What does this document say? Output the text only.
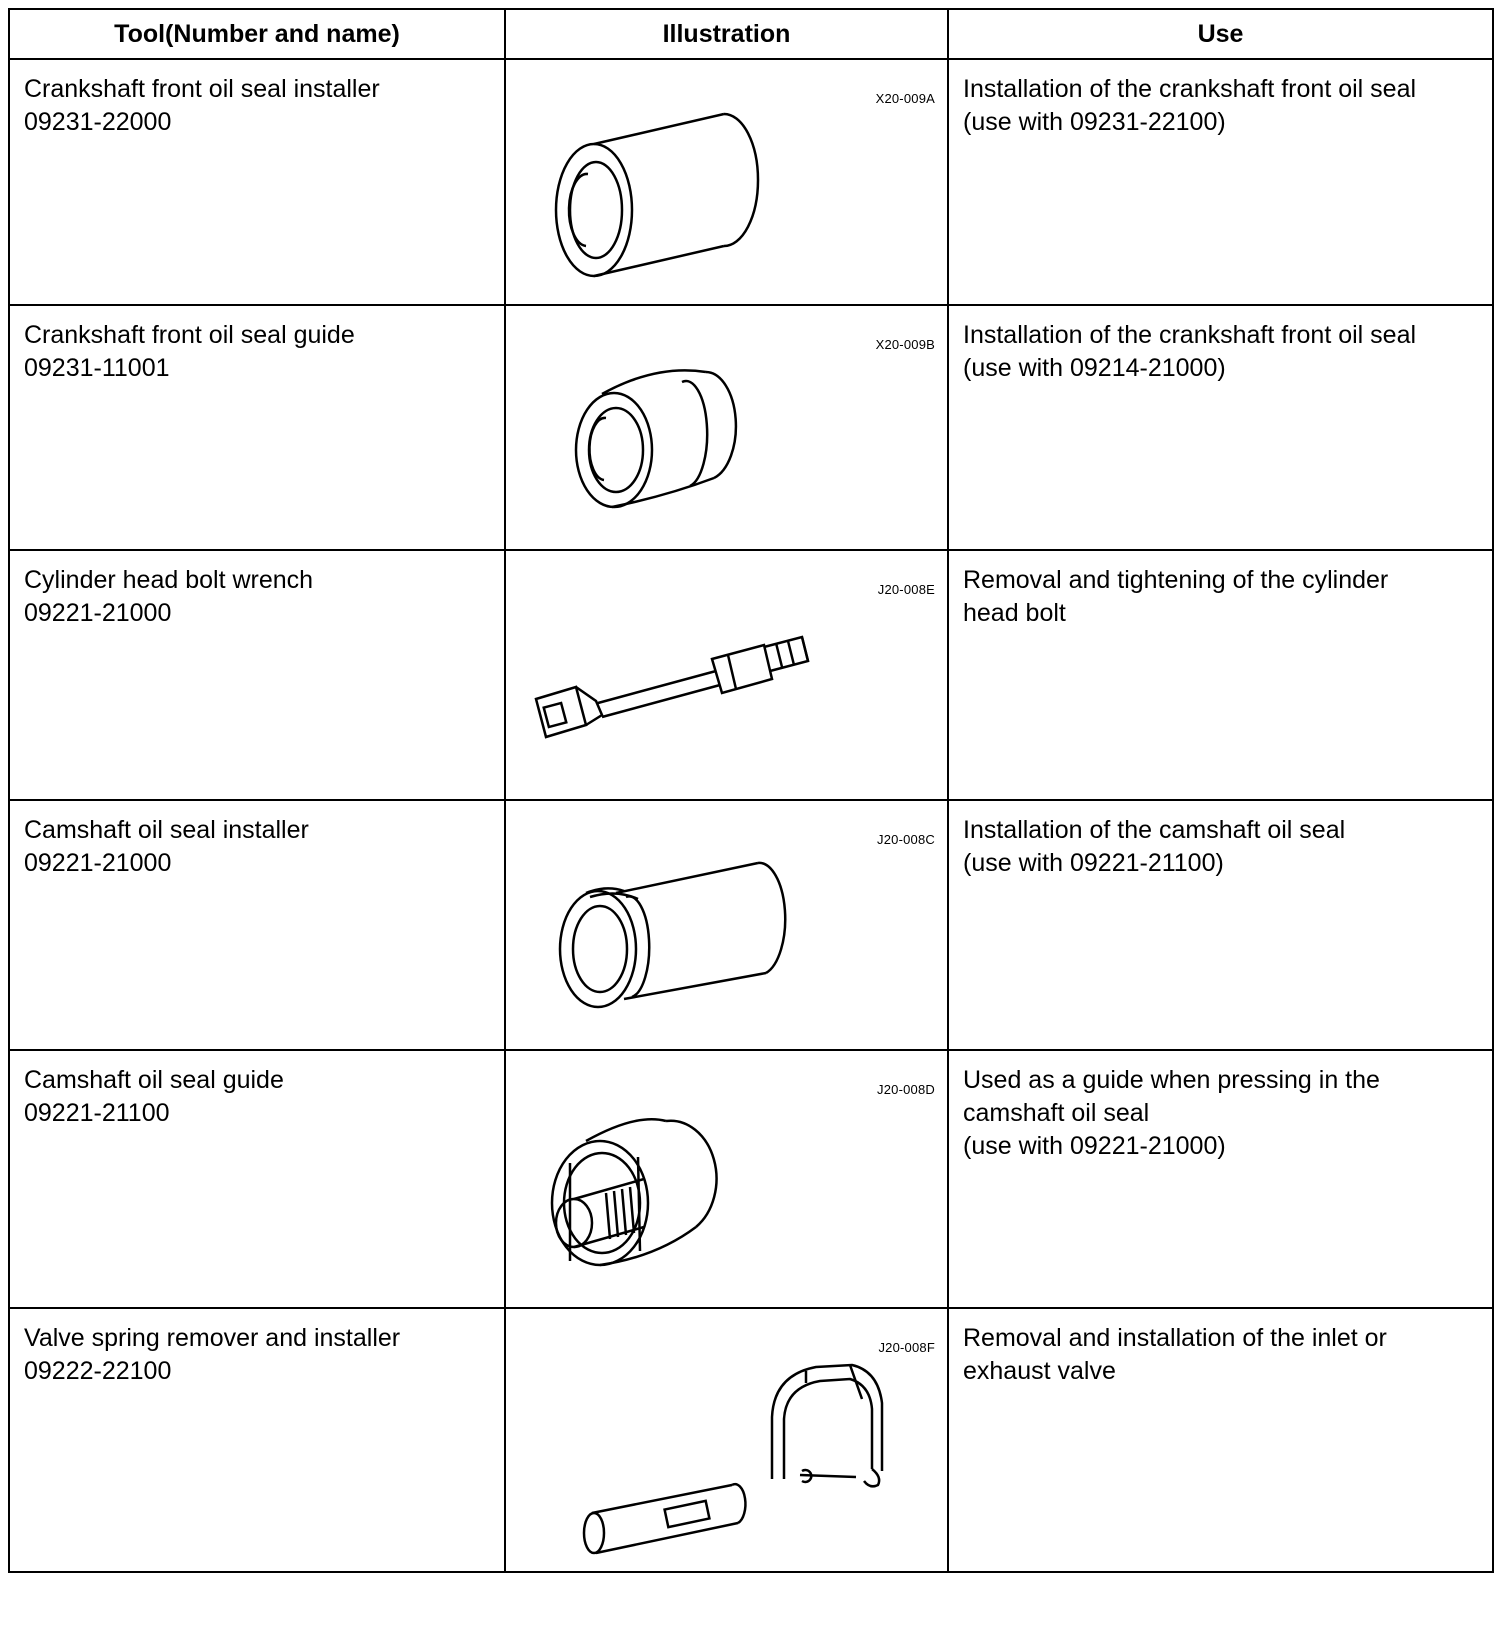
Tool(Number and name)	Illustration	Use

Crankshaft front oil seal installer
09231-22000	X20-009A	Installation of the crankshaft front oil seal
(use with 09231-22100)

Crankshaft front oil seal guide
09231-11001	X20-009B	Installation of the crankshaft front oil seal
(use with 09214-21000)

Cylinder head bolt wrench
09221-21000	J20-008E	Removal and tightening of the cylinder
head bolt

Camshaft oil seal installer
09221-21000	J20-008C	Installation of the camshaft oil seal
(use with 09221-21100)

Camshaft oil seal guide
09221-21100	J20-008D	Used as a guide when pressing in the
camshaft oil seal
(use with 09221-21000)

Valve spring remover and installer
09222-22100	J20-008F	Removal and installation of the inlet or
exhaust valve
